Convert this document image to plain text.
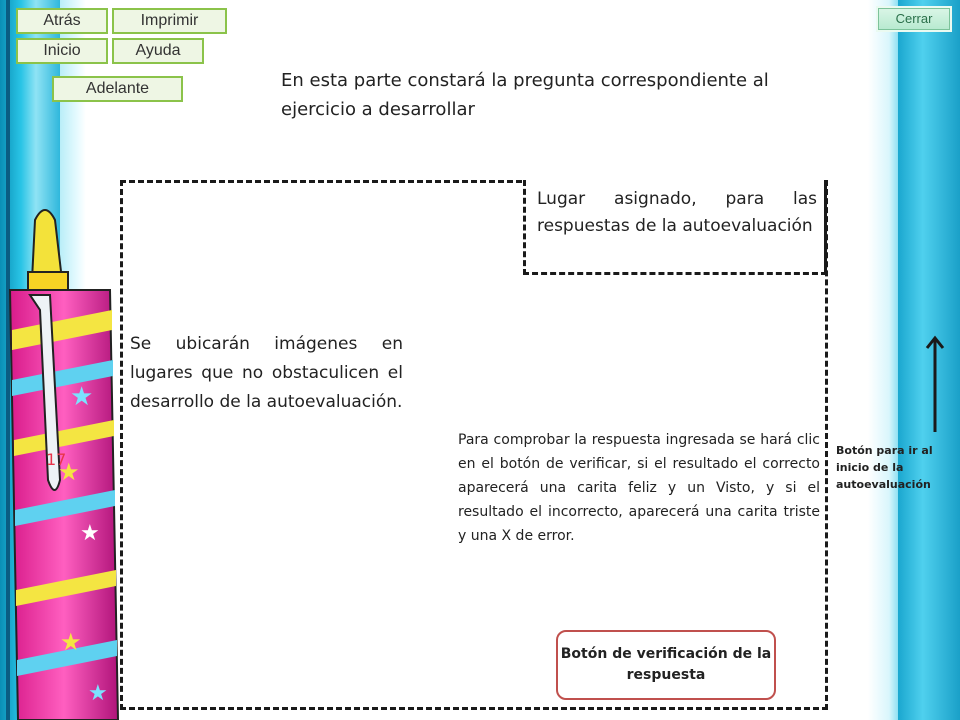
★
★
★
★
★
17
Atrás	Imprimir
Inicio	Ayuda
Adelante
Cerrar
En esta parte constará la pregunta correspondiente al ejercicio a desarrollar
Lugar asignado, para las respuestas de la autoevaluación
Se ubicarán imágenes en lugares que no obstaculicen el desarrollo de la autoevaluación.
Para comprobar la respuesta ingresada se hará clic en el botón de verificar, si el resultado el correcto aparecerá una carita feliz y un Visto, y si el resultado el incorrecto, aparecerá una carita triste y una X de error.
Botón de verificación de la respuesta
Botón para ir al inicio de la autoevaluación
